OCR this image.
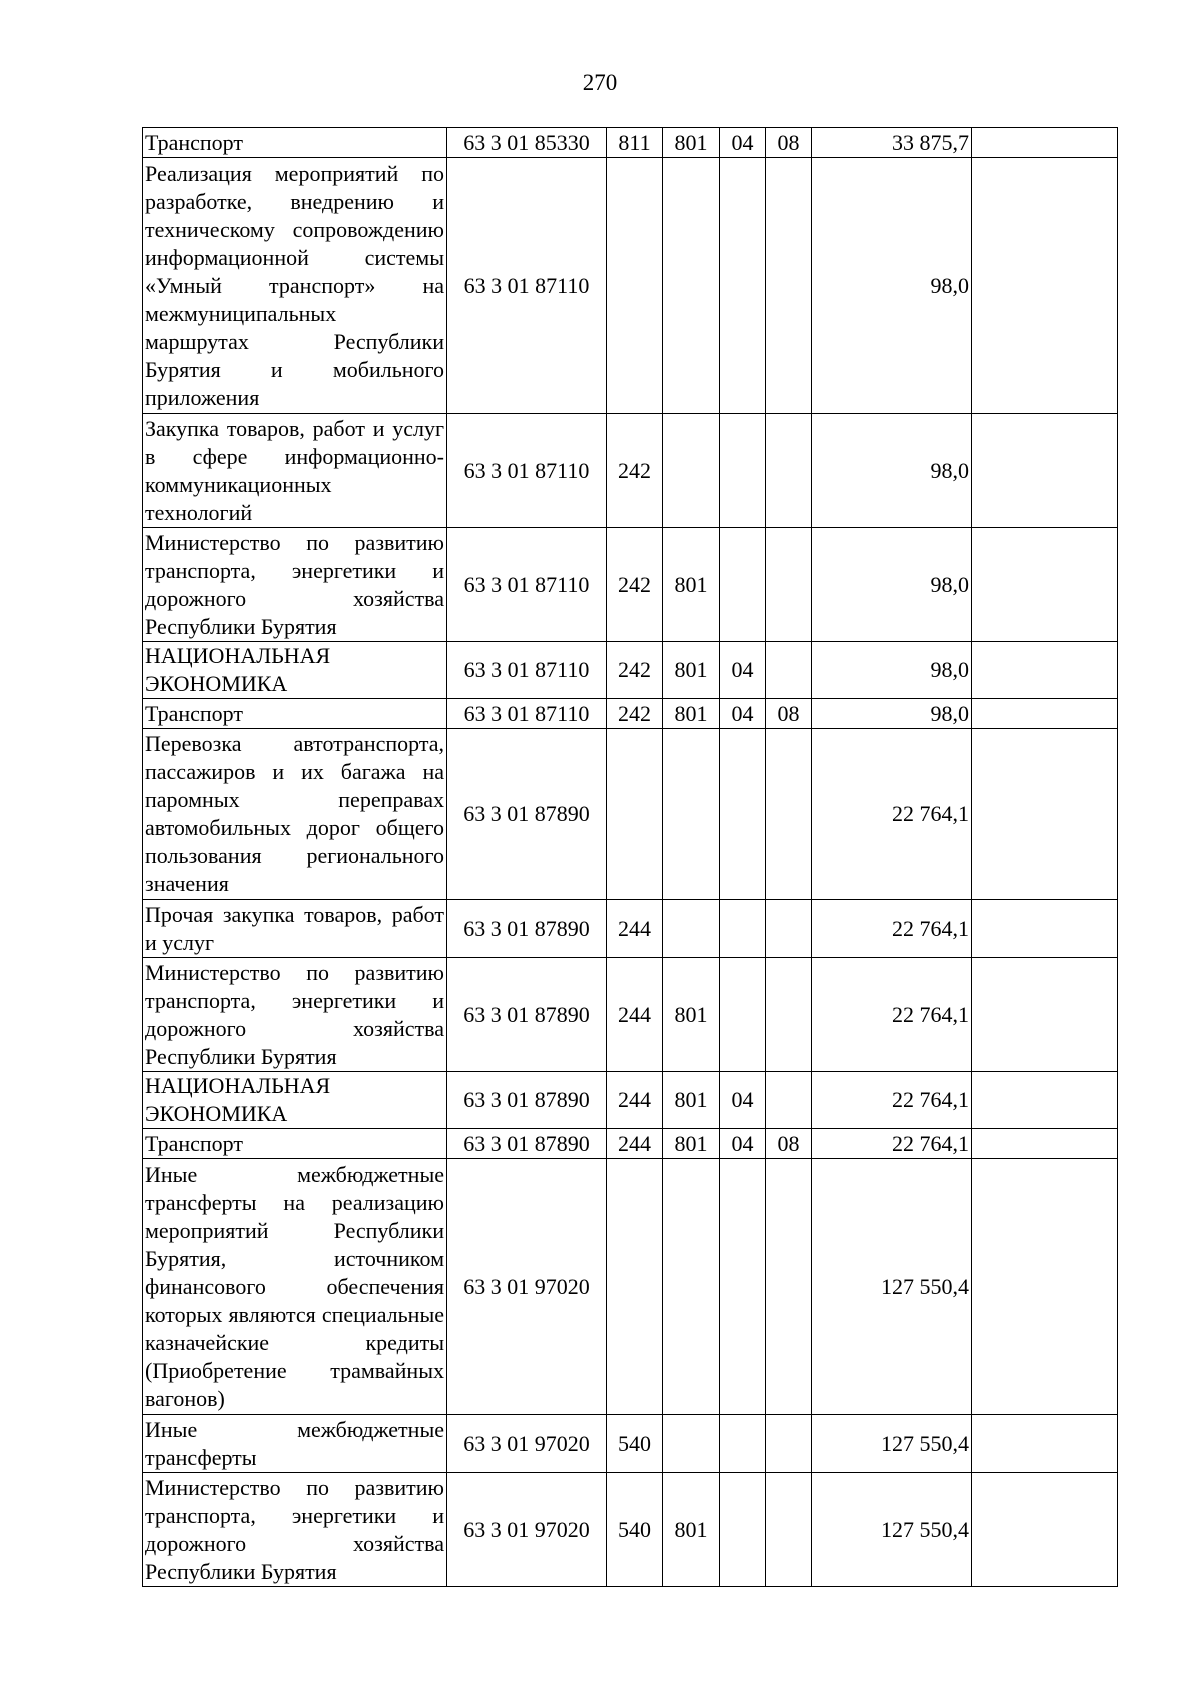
270
Транспорт	63 3 01 85330	811	801	04	08	33 875,7	
Реализация мероприятий по разработке, внедрению и техническому сопровождению информационной системы «Умный транспорт» на межмуниципальных маршрутах Республики Бурятия и мобильного приложения	63 3 01 87110					98,0	
Закупка товаров, работ и услуг в сфере информационно-коммуникационных технологий	63 3 01 87110	242				98,0	
Министерство по развитию транспорта, энергетики и дорожного хозяйства Республики Бурятия	63 3 01 87110	242	801			98,0	
НАЦИОНАЛЬНАЯ ЭКОНОМИКА	63 3 01 87110	242	801	04		98,0	
Транспорт	63 3 01 87110	242	801	04	08	98,0	
Перевозка автотранспорта, пассажиров и их багажа на паромных переправах автомобильных дорог общего пользования регионального значения	63 3 01 87890					22 764,1	
Прочая закупка товаров, работ и услуг	63 3 01 87890	244				22 764,1	
Министерство по развитию транспорта, энергетики и дорожного хозяйства Республики Бурятия	63 3 01 87890	244	801			22 764,1	
НАЦИОНАЛЬНАЯ ЭКОНОМИКА	63 3 01 87890	244	801	04		22 764,1	
Транспорт	63 3 01 87890	244	801	04	08	22 764,1	
Иные межбюджетные трансферты на реализацию мероприятий Республики Бурятия, источником финансового обеспечения которых являются специальные казначейские кредиты (Приобретение трамвайных вагонов)	63 3 01 97020					127 550,4	
Иные межбюджетные трансферты	63 3 01 97020	540				127 550,4	
Министерство по развитию транспорта, энергетики и дорожного хозяйства Республики Бурятия	63 3 01 97020	540	801			127 550,4	
